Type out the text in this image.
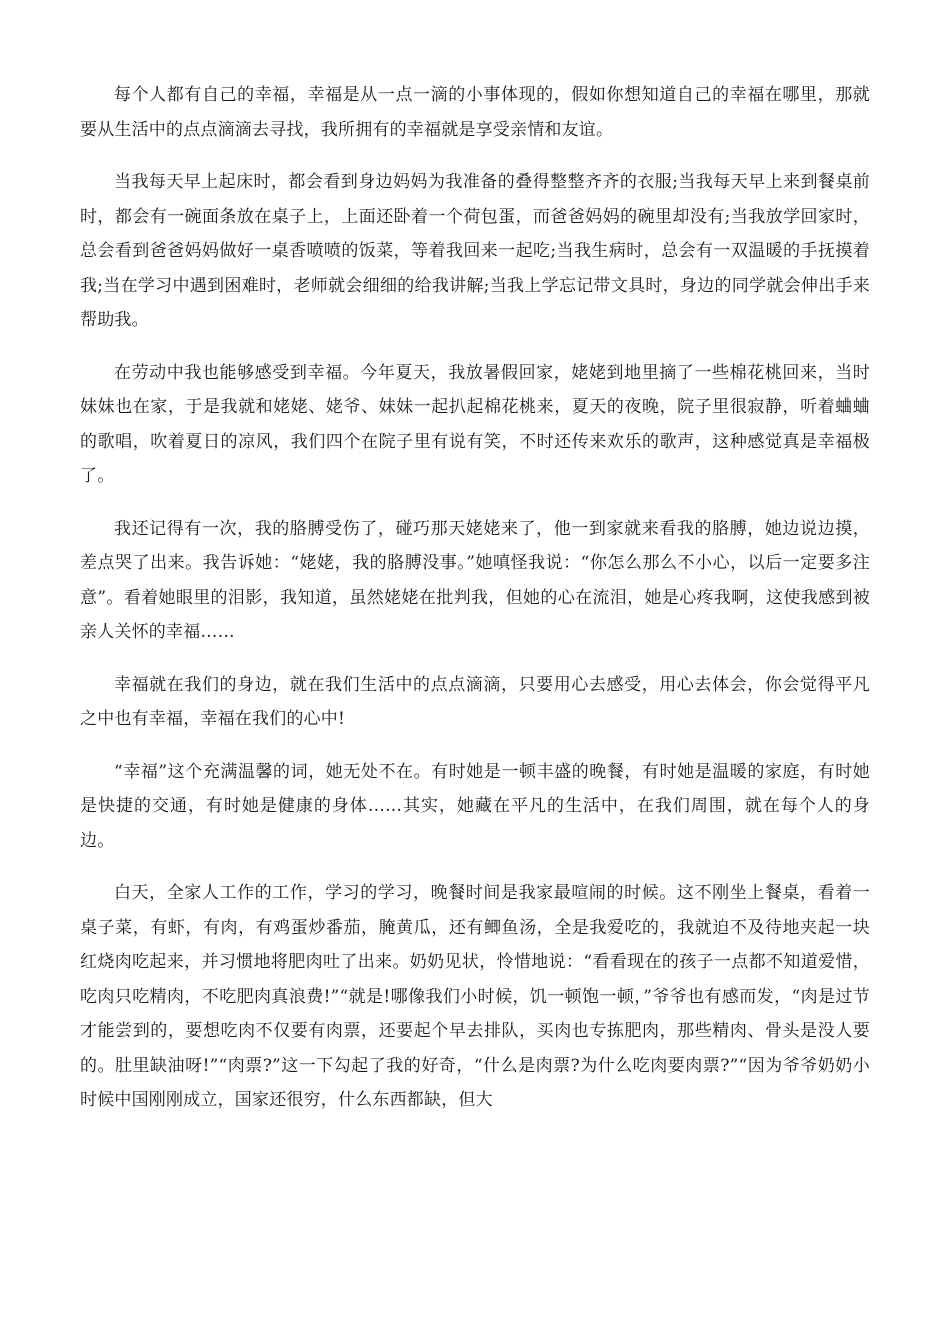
每个人都有自己的幸福，幸福是从一点一滴的小事体现的，假如你想知道自己的幸福在哪里，那就要从生活中的点点滴滴去寻找，我所拥有的幸福就是享受亲情和友谊。

当我每天早上起床时，都会看到身边妈妈为我准备的叠得整整齐齐的衣服;当我每天早上来到餐桌前时，都会有一碗面条放在桌子上，上面还卧着一个荷包蛋，而爸爸妈妈的碗里却没有;当我放学回家时，总会看到爸爸妈妈做好一桌香喷喷的饭菜，等着我回来一起吃;当我生病时，总会有一双温暖的手抚摸着我;当在学习中遇到困难时，老师就会细细的给我讲解;当我上学忘记带文具时，身边的同学就会伸出手来帮助我。

在劳动中我也能够感受到幸福。今年夏天，我放暑假回家，姥姥到地里摘了一些棉花桃回来，当时妹妹也在家，于是我就和姥姥、姥爷、妹妹一起扒起棉花桃来，夏天的夜晚，院子里很寂静，听着蛐蛐的歌唱，吹着夏日的凉风，我们四个在院子里有说有笑，不时还传来欢乐的歌声，这种感觉真是幸福极了。

我还记得有一次，我的胳膊受伤了，碰巧那天姥姥来了，他一到家就来看我的胳膊，她边说边摸，差点哭了出来。我告诉她：“姥姥，我的胳膊没事。”她嗔怪我说：“你怎么那么不小心，以后一定要多注意”。看着她眼里的泪影，我知道，虽然姥姥在批判我，但她的心在流泪，她是心疼我啊，这使我感到被亲人关怀的幸福……

幸福就在我们的身边，就在我们生活中的点点滴滴，只要用心去感受，用心去体会，你会觉得平凡之中也有幸福，幸福在我们的心中!

“幸福”这个充满温馨的词，她无处不在。有时她是一顿丰盛的晚餐，有时她是温暖的家庭，有时她是快捷的交通，有时她是健康的身体……其实，她藏在平凡的生活中，在我们周围，就在每个人的身边。

白天，全家人工作的工作，学习的学习，晚餐时间是我家最喧闹的时候。这不刚坐上餐桌，看着一桌子菜，有虾，有肉，有鸡蛋炒番茄，腌黄瓜，还有鲫鱼汤，全是我爱吃的，我就迫不及待地夹起一块红烧肉吃起来，并习惯地将肥肉吐了出来。奶奶见状，怜惜地说：“看看现在的孩子一点都不知道爱惜，吃肉只吃精肉，不吃肥肉真浪费!”“就是!哪像我们小时候，饥一顿饱一顿，”爷爷也有感而发，“肉是过节才能尝到的，要想吃肉不仅要有肉票，还要起个早去排队，买肉也专拣肥肉，那些精肉、骨头是没人要的。肚里缺油呀!”“肉票?”这一下勾起了我的好奇，“什么是肉票?为什么吃肉要肉票?”“因为爷爷奶奶小时候中国刚刚成立，国家还很穷，什么东西都缺，但大
